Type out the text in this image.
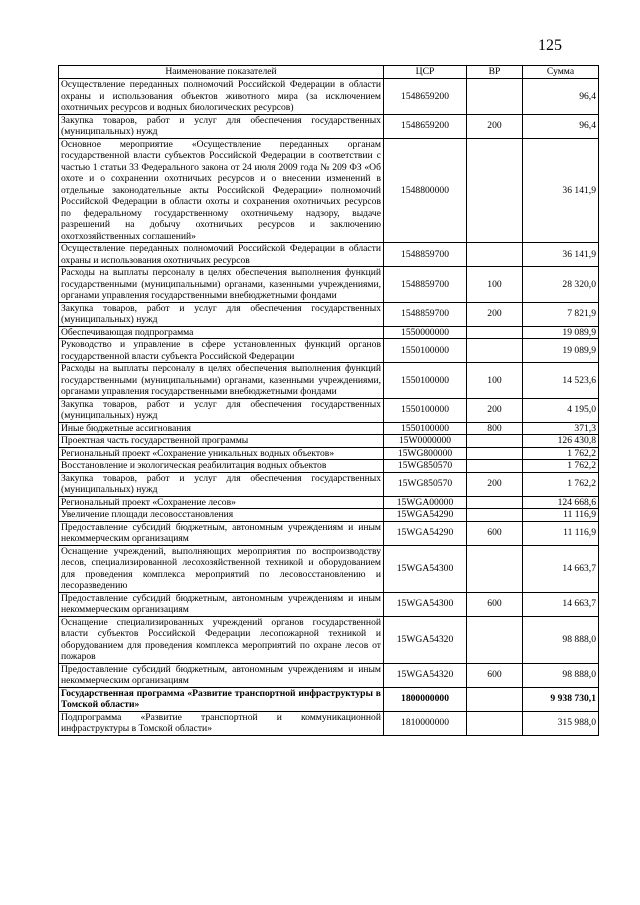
125
Наименование показателей	ЦСР	ВР	Сумма
Осуществление переданных полномочий Российской Федерации в области охраны и использования объектов животного мира (за исключением охотничьих ресурсов и водных биологических ресурсов)	1548659200		96,4
Закупка товаров, работ и услуг для обеспечения государственных (муниципальных) нужд	1548659200	200	96,4
Основное мероприятие «Осуществление переданных органам государственной власти субъектов Российской Федерации в соответствии с частью 1 статьи 33 Федерального закона от 24 июля 2009 года № 209 ФЗ «Об охоте и о сохранении охотничьих ресурсов и о внесении изменений в отдельные законодательные акты Российской Федерации» полномочий Российской Федерации в области охоты и сохранения охотничьих ресурсов по федеральному государственному охотничьему надзору, выдаче разрешений на добычу охотничьих ресурсов и заключению охотхозяйственных соглашений»	1548800000		36 141,9
Осуществление переданных полномочий Российской Федерации в области охраны и использования охотничьих ресурсов	1548859700		36 141,9
Расходы на выплаты персоналу в целях обеспечения выполнения функций государственными (муниципальными) органами, казенными учреждениями, органами управления государственными внебюджетными фондами	1548859700	100	28 320,0
Закупка товаров, работ и услуг для обеспечения государственных (муниципальных) нужд	1548859700	200	7 821,9
Обеспечивающая подпрограмма	1550000000		19 089,9
Руководство и управление в сфере установленных функций органов государственной власти субъекта Российской Федерации	1550100000		19 089,9
Расходы на выплаты персоналу в целях обеспечения выполнения функций государственными (муниципальными) органами, казенными учреждениями, органами управления государственными внебюджетными фондами	1550100000	100	14 523,6
Закупка товаров, работ и услуг для обеспечения государственных (муниципальных) нужд	1550100000	200	4 195,0
Иные бюджетные ассигнования	1550100000	800	371,3
Проектная часть государственной программы	15W0000000		126 430,8
Региональный проект «Сохранение уникальных водных объектов»	15WG800000		1 762,2
Восстановление и экологическая реабилитация водных объектов	15WG850570		1 762,2
Закупка товаров, работ и услуг для обеспечения государственных (муниципальных) нужд	15WG850570	200	1 762,2
Региональный проект «Сохранение лесов»	15WGA00000		124 668,6
Увеличение площади лесовосстановления	15WGA54290		11 116,9
Предоставление субсидий бюджетным, автономным учреждениям и иным некоммерческим организациям	15WGA54290	600	11 116,9
Оснащение учреждений, выполняющих мероприятия по воспроизводству лесов, специализированной лесохозяйственной техникой и оборудованием для проведения комплекса мероприятий по лесовосстановлению и лесоразведению	15WGA54300		14 663,7
Предоставление субсидий бюджетным, автономным учреждениям и иным некоммерческим организациям	15WGA54300	600	14 663,7
Оснащение специализированных учреждений органов государственной власти субъектов Российской Федерации лесопожарной техникой и оборудованием для проведения комплекса мероприятий по охране лесов от пожаров	15WGA54320		98 888,0
Предоставление субсидий бюджетным, автономным учреждениям и иным некоммерческим организациям	15WGA54320	600	98 888,0
Государственная программа «Развитие транспортной инфраструктуры в Томской области»	1800000000		9 938 730,1
Подпрограмма «Развитие транспортной и коммуникационной инфраструктуры в Томской области»	1810000000		315 988,0
